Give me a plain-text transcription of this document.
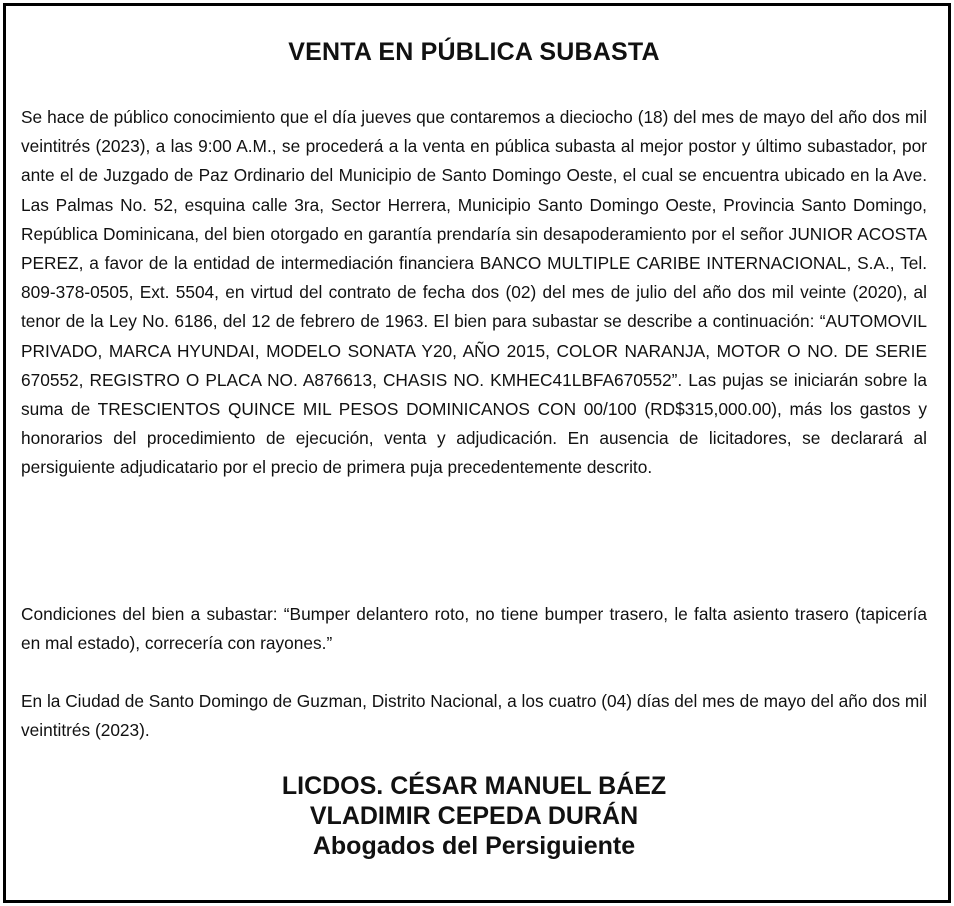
VENTA EN PÚBLICA SUBASTA

Se hace de público conocimiento que el día jueves que contaremos a dieciocho (18) del mes de mayo del año dos mil veintitrés (2023), a las 9:00 A.M., se procederá a la venta en pública subasta al mejor postor y último subastador, por ante el de Juzgado de Paz Ordinario del Municipio de Santo Domingo Oeste, el cual se encuentra ubicado en la Ave. Las Palmas No. 52, esquina calle 3ra, Sector Herrera, Municipio Santo Domingo Oeste, Provincia Santo Domingo, República Dominicana, del bien otorgado en garantía prendaría sin desapoderamiento por el señor JUNIOR ACOSTA PEREZ, a favor de la entidad de intermediación financiera BANCO MULTIPLE CARIBE INTERNACIONAL, S.A., Tel. 809-378-0505, Ext. 5504, en virtud del contrato de fecha dos (02) del mes de julio del año dos mil veinte (2020), al tenor de la Ley No. 6186, del 12 de febrero de 1963. El bien para subastar se describe a continuación: “AUTOMOVIL PRIVADO, MARCA HYUNDAI, MODELO SONATA Y20, AÑO 2015, COLOR NARANJA, MOTOR O NO. DE SERIE 670552, REGISTRO O PLACA NO. A876613, CHASIS NO. KMHEC41LBFA670552”. Las pujas se iniciarán sobre la suma de TRESCIENTOS QUINCE MIL PESOS DOMINICANOS CON 00/100 (RD$315,000.00), más los gastos y honorarios del procedimiento de ejecución, venta y adjudicación. En ausencia de licitadores, se declarará al persiguiente adjudicatario por el precio de primera puja precedentemente descrito.

Condiciones del bien a subastar: “Bumper delantero roto, no tiene bumper trasero, le falta asiento trasero (tapicería en mal estado), correcería con rayones.”

En la Ciudad de Santo Domingo de Guzman, Distrito Nacional, a los cuatro (04) días del mes de mayo del año dos mil veintitrés (2023).

LICDOS. CÉSAR MANUEL BÁEZ
VLADIMIR CEPEDA DURÁN
Abogados del Persiguiente
